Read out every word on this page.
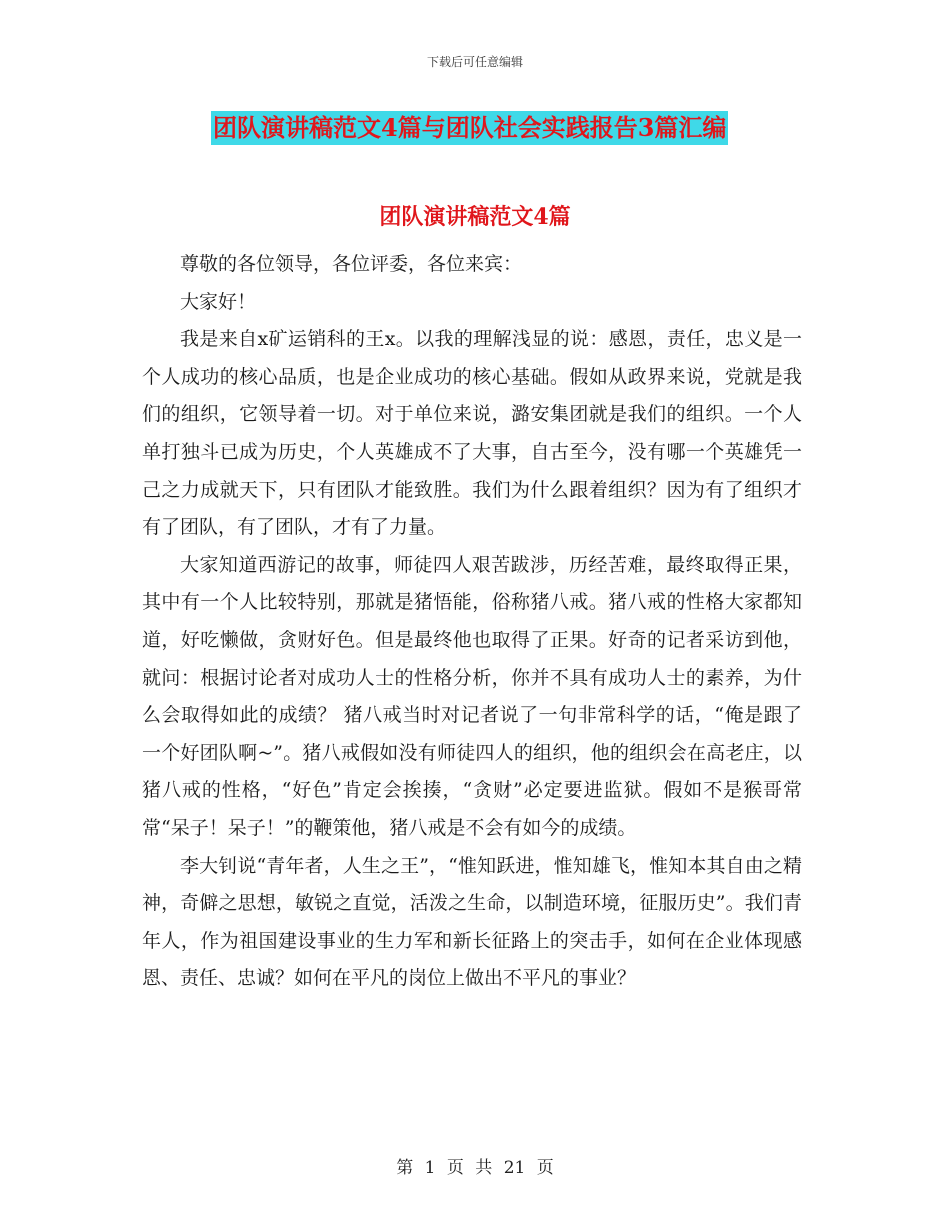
下载后可任意编辑
团队演讲稿范文4篇与团队社会实践报告3篇汇编
团队演讲稿范文4篇

尊敬的各位领导，各位评委，各位来宾：

大家好！

我是来自x矿运销科的王x。以我的理解浅显的说：感恩，责任，忠义是一个人成功的核心品质，也是企业成功的核心基础。假如从政界来说，党就是我们的组织，它领导着一切。对于单位来说，潞安集团就是我们的组织。一个人单打独斗已成为历史，个人英雄成不了大事，自古至今，没有哪一个英雄凭一己之力成就天下，只有团队才能致胜。我们为什么跟着组织？因为有了组织才有了团队，有了团队，才有了力量。

大家知道西游记的故事，师徒四人艰苦跋涉，历经苦难，最终取得正果，其中有一个人比较特别，那就是猪悟能，俗称猪八戒。猪八戒的性格大家都知道，好吃懒做，贪财好色。但是最终他也取得了正果。好奇的记者采访到他，就问：根据讨论者对成功人士的性格分析，你并不具有成功人士的素养，为什么会取得如此的成绩？ 猪八戒当时对记者说了一句非常科学的话，“俺是跟了一个好团队啊~”。猪八戒假如没有师徒四人的组织，他的组织会在高老庄，以猪八戒的性格，“好色”肯定会挨揍，“贪财”必定要进监狱。假如不是猴哥常常“呆子！呆子！”的鞭策他，猪八戒是不会有如今的成绩。

李大钊说“青年者，人生之王”，“惟知跃进，惟知雄飞，惟知本其自由之精神，奇僻之思想，敏锐之直觉，活泼之生命，以制造环境，征服历史”。我们青年人，作为祖国建设事业的生力军和新长征路上的突击手，如何在企业体现感恩、责任、忠诚？如何在平凡的岗位上做出不平凡的事业？

第 1 页 共 21 页
